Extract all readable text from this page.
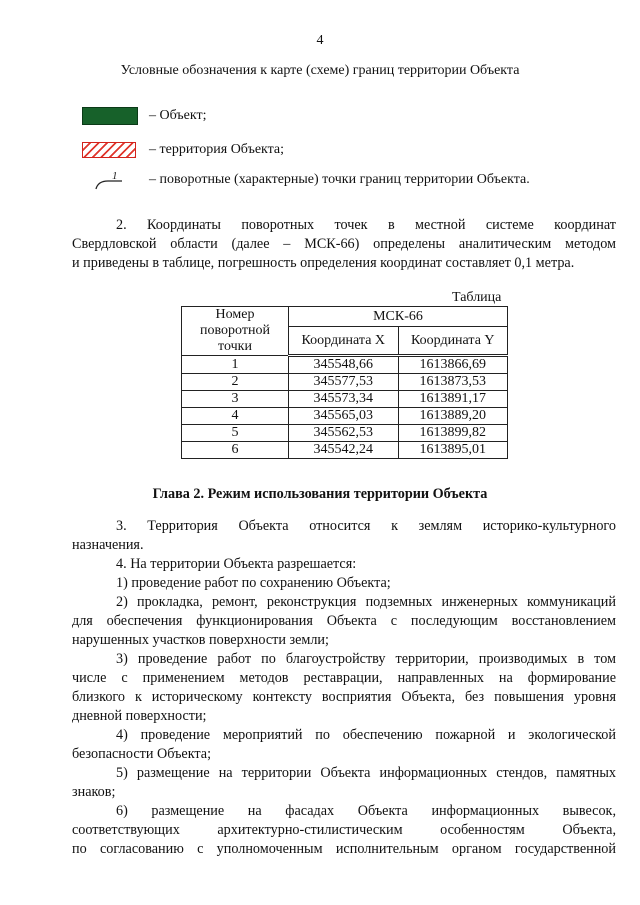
4
Условные обозначения к карте (схеме) границ территории Объекта
– Объект;
– территория Объекта;
1 – поворотные (характерные) точки границ территории Объекта.
2. Координаты поворотных точек в местной системе координат
Свердловской области (далее – МСК-66) определены аналитическим методом
и приведены в таблице, погрешность определения координат составляет 0,1 метра.
Таблица
Номер поворотной точки	МСК-66	
	Координата X	Координата Y
1	345548,66	1613866,69
2	345577,53	1613873,53
3	345573,34	1613891,17
4	345565,03	1613889,20
5	345562,53	1613899,82
6	345542,24	1613895,01
Глава 2. Режим использования территории Объекта
3. Территория Объекта относится к землям историко-культурного
назначения.
4. На территории Объекта разрешается:
1) проведение работ по сохранению Объекта;
2) прокладка, ремонт, реконструкция подземных инженерных коммуникаций
для обеспечения функционирования Объекта с последующим восстановлением
нарушенных участков поверхности земли;
3) проведение работ по благоустройству территории, производимых в том
числе с применением методов реставрации, направленных на формирование
близкого к историческому контексту восприятия Объекта, без повышения уровня
дневной поверхности;
4) проведение мероприятий по обеспечению пожарной и экологической
безопасности Объекта;
5) размещение на территории Объекта информационных стендов, памятных
знаков;
6) размещение на фасадах Объекта информационных вывесок,
соответствующих архитектурно-стилистическим особенностям Объекта,
по согласованию с уполномоченным исполнительным органом государственной
